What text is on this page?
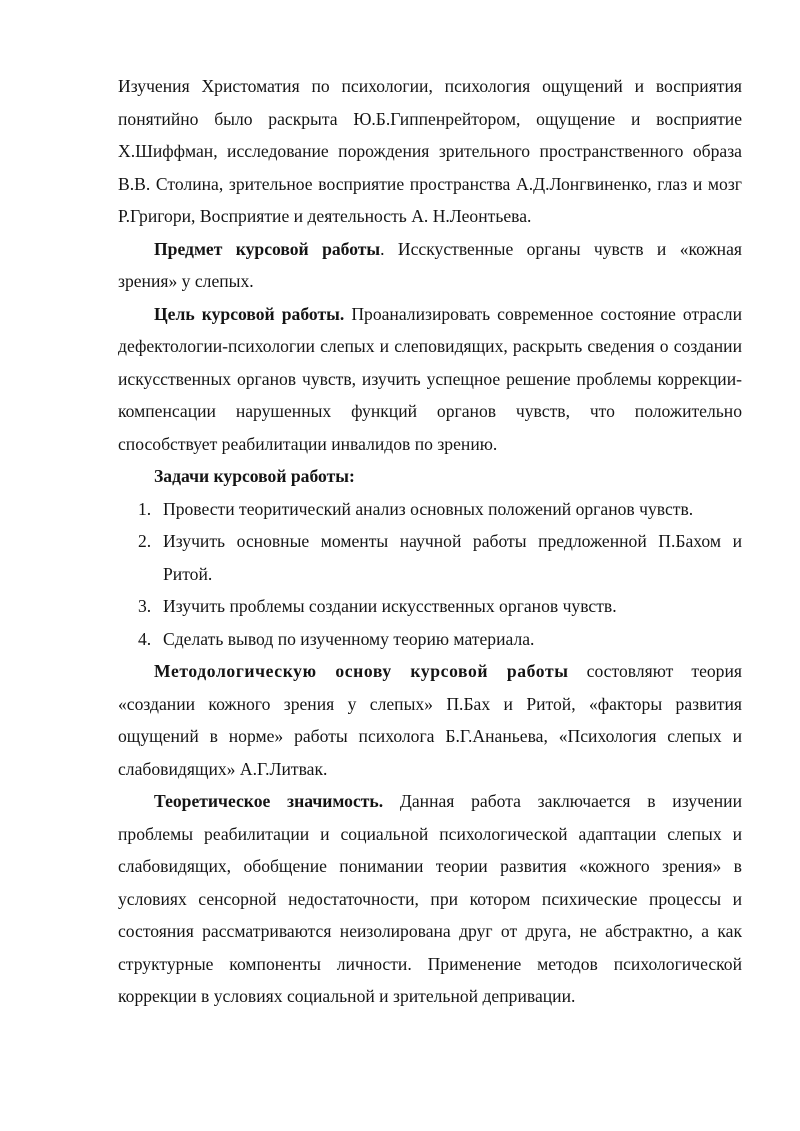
Изучения Христоматия по психологии, психология ощущений и восприятия понятийно было раскрыта Ю.Б.Гиппенрейтором, ощущение и восприятие Х.Шиффман, исследование порождения зрительного пространственного образа В.В. Столина, зрительное восприятие пространства А.Д.Лонгвиненко, глаз и мозг Р.Григори, Восприятие и деятельность А. Н.Леонтьева.

Предмет курсовой работы. Исскуственные органы чувств и «кожная зрения» у слепых.

Цель курсовой работы. Проанализировать современное состояние отрасли дефектологии-психологии слепых и слеповидящих, раскрыть сведения о создании искусственных органов чувств, изучить успещное решение проблемы коррекции-компенсации нарушенных функций органов чувств, что положительно способствует реабилитации инвалидов по зрению.

Задачи курсовой работы:

1. Провести теоритический анализ основных положений органов чувств.
2. Изучить основные моменты научной работы предложенной П.Бахом и Ритой.
3. Изучить проблемы создании искусственных органов чувств.
4. Сделать вывод по изученному теорию материала.

Методологическую основу курсовой работы состовляют теория «создании кожного зрения у слепых» П.Бах и Ритой, «факторы развития ощущений в норме» работы психолога Б.Г.Ананьева, «Психология слепых и слабовидящих» А.Г.Литвак.

Теоретическое значимость. Данная работа заключается в изучении проблемы реабилитации и социальной психологической адаптации слепых и слабовидящих, обобщение понимании теории развития «кожного зрения» в условиях сенсорной недостаточности, при котором психические процессы и состояния рассматриваются неизолирована друг от друга, не абстрактно, а как структурные компоненты личности. Применение методов психологической коррекции в условиях социальной и зрительной депривации.
